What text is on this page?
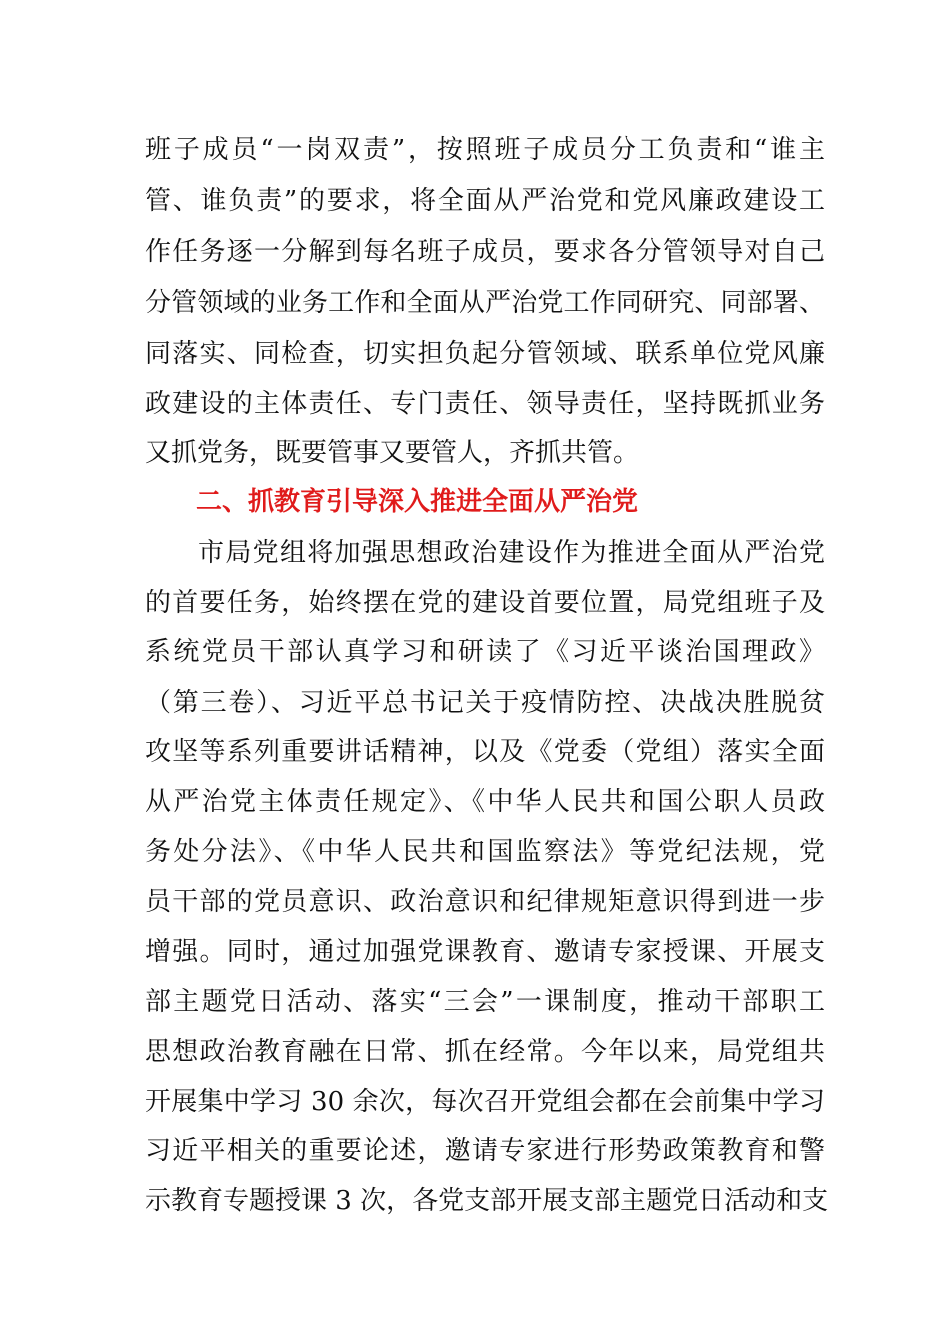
班子成员“一岗双责”，按照班子成员分工负责和“谁主
管、谁负责”的要求，将全面从严治党和党风廉政建设工
作任务逐一分解到每名班子成员，要求各分管领导对自己
分管领域的业务工作和全面从严治党工作同研究、同部署、
同落实、同检查，切实担负起分管领域、联系单位党风廉
政建设的主体责任、专门责任、领导责任，坚持既抓业务
又抓党务，既要管事又要管人，齐抓共管。
二、抓教育引导深入推进全面从严治党
市局党组将加强思想政治建设作为推进全面从严治党
的首要任务，始终摆在党的建设首要位置，局党组班子及
系统党员干部认真学习和研读了《习近平谈治国理政》
（第三卷）、习近平总书记关于疫情防控、决战决胜脱贫
攻坚等系列重要讲话精神，以及《党委（党组）落实全面
从严治党主体责任规定》、《中华人民共和国公职人员政
务处分法》、《中华人民共和国监察法》等党纪法规，党
员干部的党员意识、政治意识和纪律规矩意识得到进一步
增强。同时，通过加强党课教育、邀请专家授课、开展支
部主题党日活动、落实“三会”一课制度，推动干部职工
思想政治教育融在日常、抓在经常。今年以来，局党组共
开展集中学习 30 余次，每次召开党组会都在会前集中学习
习近平相关的重要论述，邀请专家进行形势政策教育和警
示教育专题授课 3 次，各党支部开展支部主题党日活动和支
